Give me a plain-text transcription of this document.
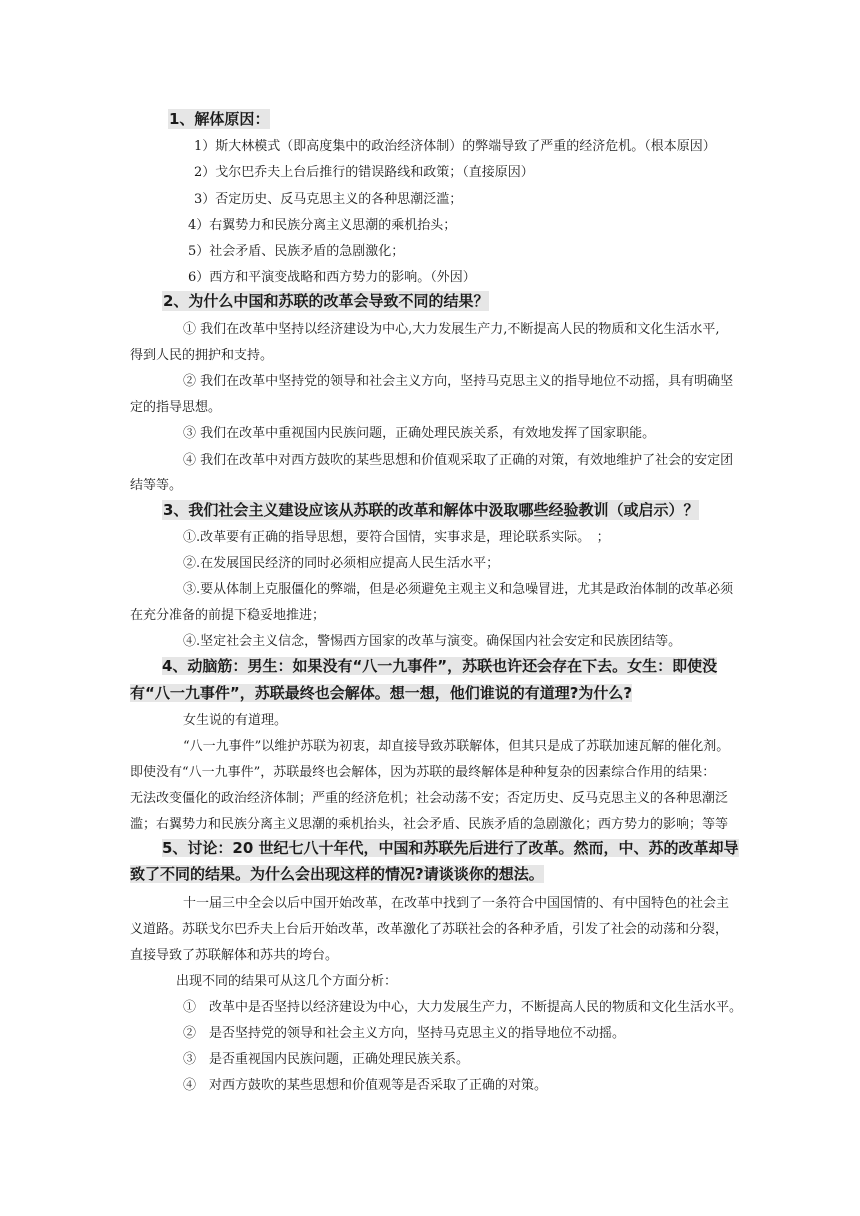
1、解体原因：
1）斯大林模式（即高度集中的政治经济体制）的弊端导致了严重的经济危机。（根本原因）
2）戈尔巴乔夫上台后推行的错误路线和政策；（直接原因）
3）否定历史、反马克思主义的各种思潮泛滥；
4）右翼势力和民族分离主义思潮的乘机抬头；
5）社会矛盾、民族矛盾的急剧激化；
6）西方和平演变战略和西方势力的影响。（外因）
2、为什么中国和苏联的改革会导致不同的结果？
① 我们在改革中坚持以经济建设为中心,大力发展生产力,不断提高人民的物质和文化生活水平,
得到人民的拥护和支持。
② 我们在改革中坚持党的领导和社会主义方向，坚持马克思主义的指导地位不动摇，具有明确坚
定的指导思想。
③ 我们在改革中重视国内民族问题，正确处理民族关系，有效地发挥了国家职能。
④ 我们在改革中对西方鼓吹的某些思想和价值观采取了正确的对策，有效地维护了社会的安定团
结等等。
3、我们社会主义建设应该从苏联的改革和解体中汲取哪些经验教训（或启示）？
①.改革要有正确的指导思想，要符合国情，实事求是，理论联系实际。　；
②.在发展国民经济的同时必须相应提高人民生活水平；
③.要从体制上克服僵化的弊端，但是必须避免主观主义和急噪冒进，尤其是政治体制的改革必须
在充分准备的前提下稳妥地推进；
④.坚定社会主义信念，警惕西方国家的改革与演变。确保国内社会安定和民族团结等。
4、动脑筋：男生：如果没有“八一九事件”，苏联也许还会存在下去。女生：即使没
有“八一九事件”，苏联最终也会解体。想一想，他们谁说的有道理?为什么?
女生说的有道理。
“八一九事件”以维护苏联为初衷，却直接导致苏联解体，但其只是成了苏联加速瓦解的催化剂。
即使没有“八一九事件”，苏联最终也会解体，因为苏联的最终解体是种种复杂的因素综合作用的结果：
无法改变僵化的政治经济体制；严重的经济危机；社会动荡不安；否定历史、反马克思主义的各种思潮泛
滥；右翼势力和民族分离主义思潮的乘机抬头，社会矛盾、民族矛盾的急剧激化；西方势力的影响；等等
5、讨论：20 世纪七八十年代，中国和苏联先后进行了改革。然而，中、苏的改革却导
致了不同的结果。为什么会出现这样的情况?请谈谈你的想法。
十一届三中全会以后中国开始改革，在改革中找到了一条符合中国国情的、有中国特色的社会主
义道路。苏联戈尔巴乔夫上台后开始改革，改革激化了苏联社会的各种矛盾，引发了社会的动荡和分裂，
直接导致了苏联解体和苏共的垮台。
出现不同的结果可从这几个方面分析：
①　改革中是否坚持以经济建设为中心，大力发展生产力，不断提高人民的物质和文化生活水平。
②　是否坚持党的领导和社会主义方向，坚持马克思主义的指导地位不动摇。
③　是否重视国内民族问题，正确处理民族关系。
④　对西方鼓吹的某些思想和价值观等是否采取了正确的对策。
